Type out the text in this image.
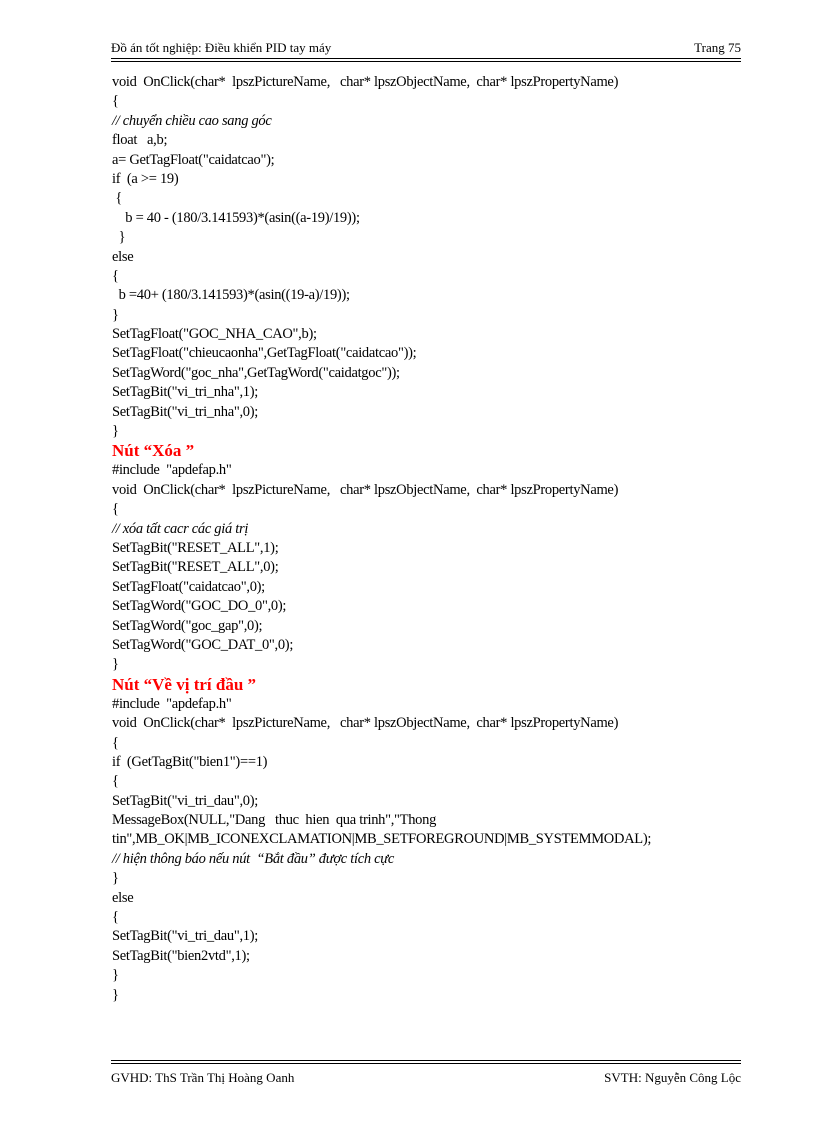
Đồ án tốt nghiệp: Điều khiển PID tay máy	Trang 75
void  OnClick(char*  lpszPictureName,   char* lpszObjectName,  char* lpszPropertyName)
{
// chuyển chiều cao sang góc
float   a,b;
a= GetTagFloat("caidatcao");
if  (a >= 19)
{
b = 40 - (180/3.141593)*(asin((a-19)/19));
}
else
{
b =40+ (180/3.141593)*(asin((19-a)/19));
}
SetTagFloat("GOC_NHA_CAO",b);
SetTagFloat("chieucaonha",GetTagFloat("caidatcao"));
SetTagWord("goc_nha",GetTagWord("caidatgoc"));
SetTagBit("vi_tri_nha",1);
SetTagBit("vi_tri_nha",0);
}
Nút “Xóa ”
#include  "apdefap.h"
void  OnClick(char*  lpszPictureName,   char* lpszObjectName,  char* lpszPropertyName)
{
// xóa tất cacr các giá trị
SetTagBit("RESET_ALL",1);
SetTagBit("RESET_ALL",0);
SetTagFloat("caidatcao",0);
SetTagWord("GOC_DO_0",0);
SetTagWord("goc_gap",0);
SetTagWord("GOC_DAT_0",0);
}
Nút “Về vị trí đầu ”
#include  "apdefap.h"
void  OnClick(char*  lpszPictureName,   char* lpszObjectName,  char* lpszPropertyName)
{
if  (GetTagBit("bien1")==1)
{
SetTagBit("vi_tri_dau",0);
MessageBox(NULL,"Dang   thuc  hien  qua trinh","Thong
tin",MB_OK|MB_ICONEXCLAMATION|MB_SETFOREGROUND|MB_SYSTEMMODAL);
// hiện thông báo nếu nút  “Bắt đầu” được tích cực
}
else
{
SetTagBit("vi_tri_dau",1);
SetTagBit("bien2vtd",1);
}
}
GVHD: ThS Trần Thị Hoàng Oanh	SVTH: Nguyễn Công Lộc
